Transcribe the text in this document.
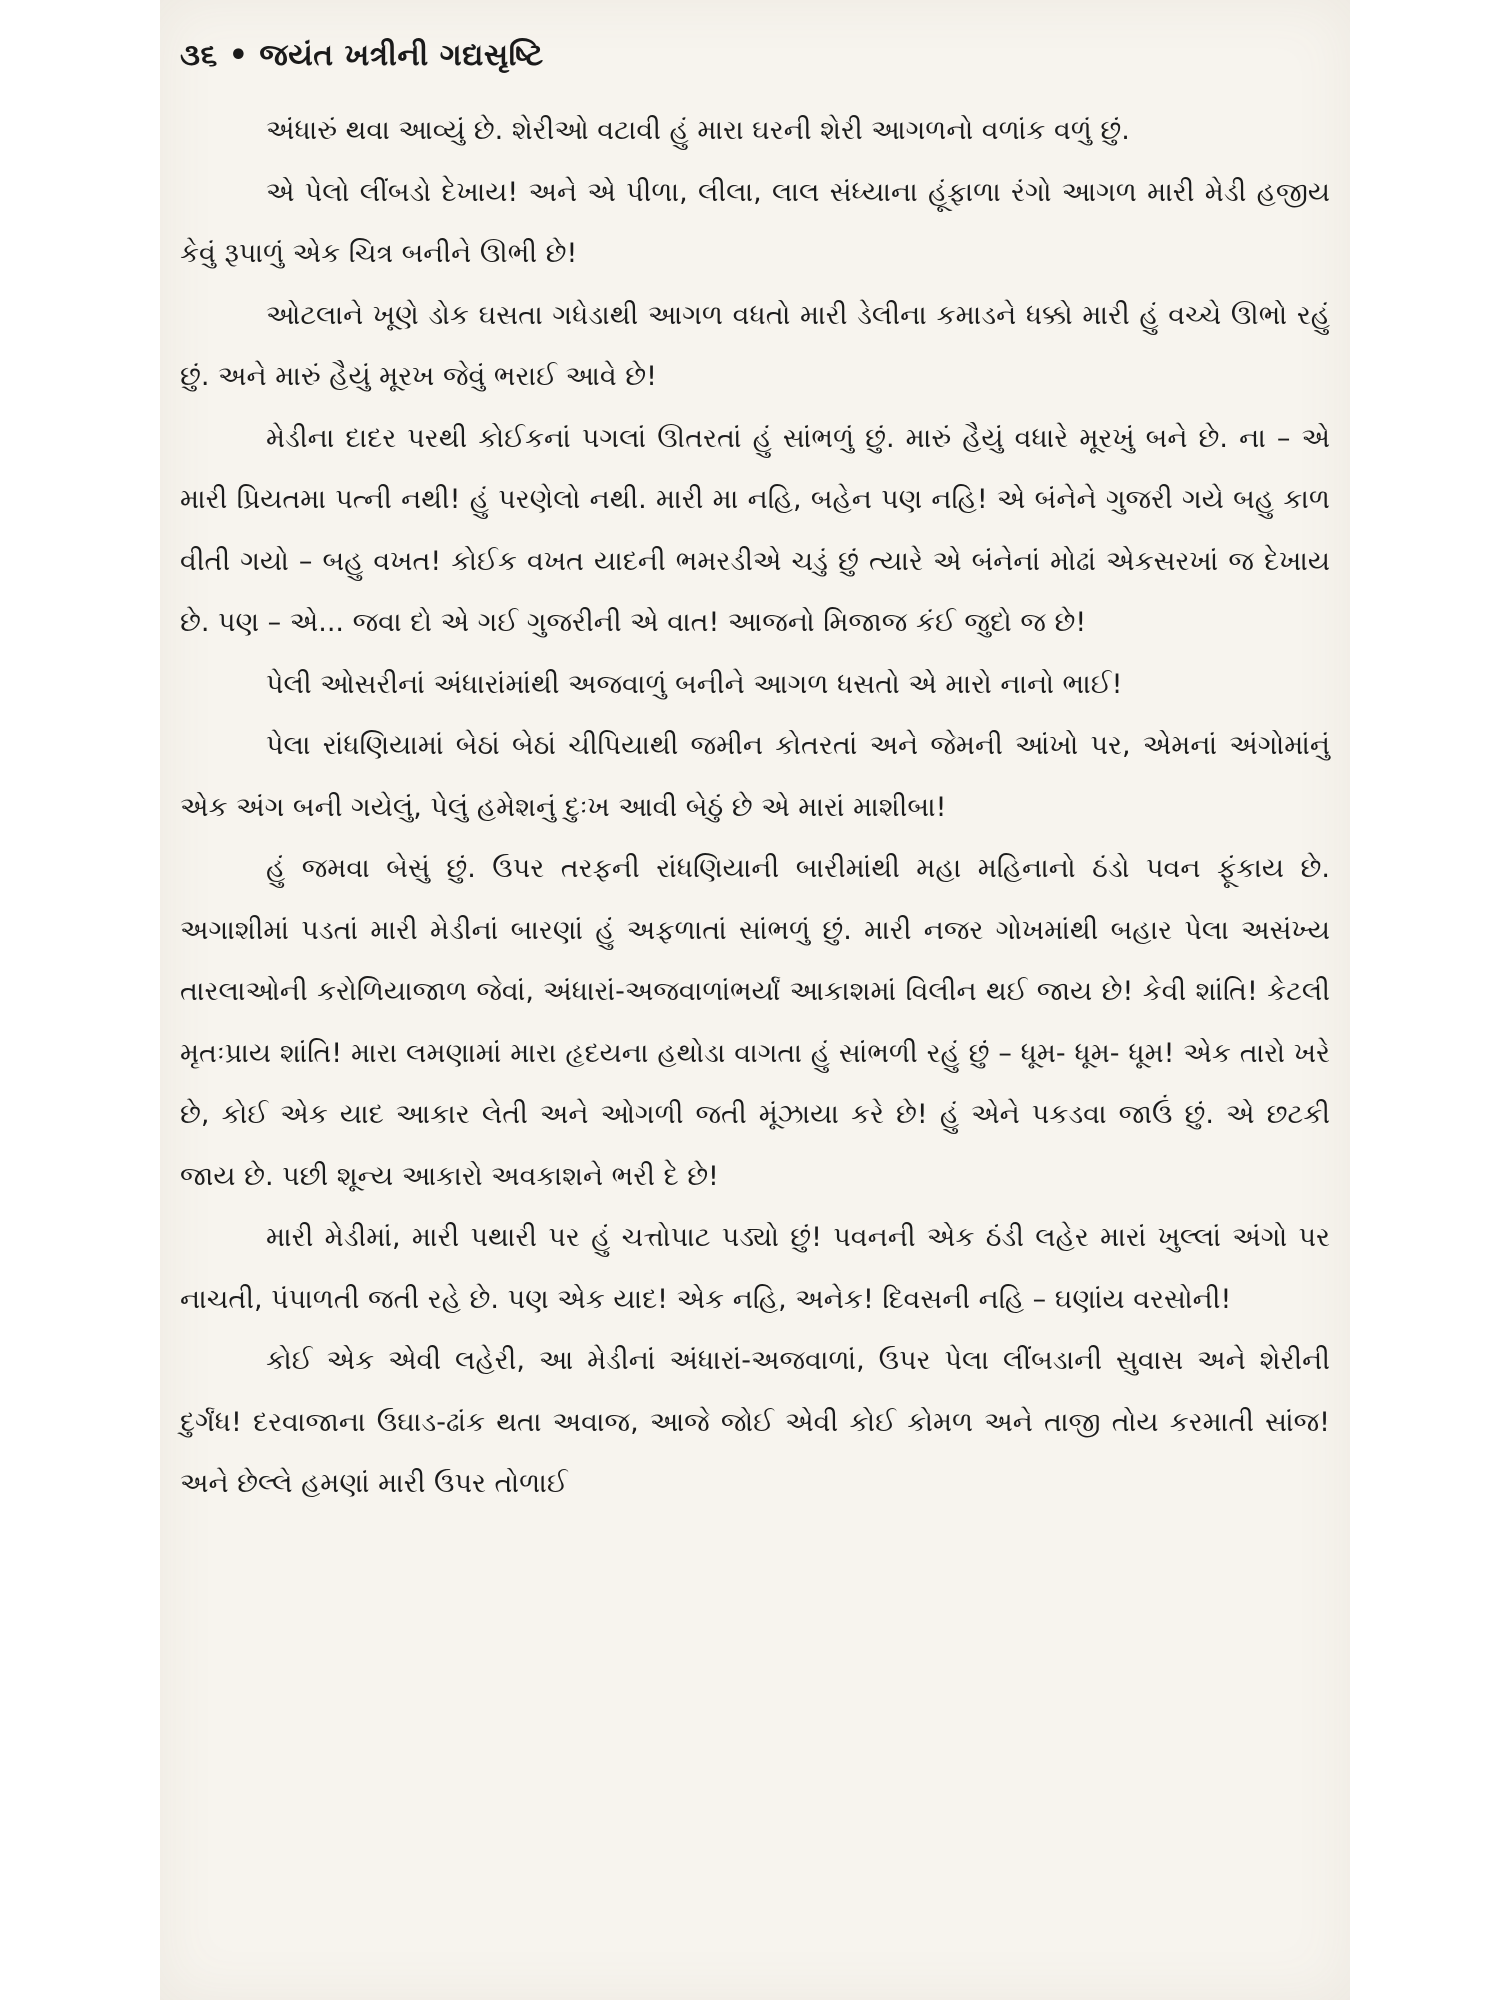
૩૬ • જયંત ખત્રીની ગદ્યસૃષ્ટિ

અંધારું થવા આવ્યું છે. શેરીઓ વટાવી હું મારા ઘરની શેરી આગળનો વળાંક વળું છું.

એ પેલો લીંબડો દેખાય! અને એ પીળા, લીલા, લાલ સંધ્યાના હૂંફાળા રંગો આગળ મારી મેડી હજીય કેવું રૂપાળું એક ચિત્ર બનીને ઊભી છે!

ઓટલાને ખૂણે ડોક ઘસતા ગધેડાથી આગળ વધતો મારી ડેલીના કમાડને ધક્કો મારી હું વચ્ચે ઊભો રહું છું. અને મારું હૈયું મૂરખ જેવું ભરાઈ આવે છે!

મેડીના દાદર પરથી કોઈકનાં પગલાં ઊતરતાં હું સાંભળું છું. મારું હૈયું વધારે મૂરખું બને છે. ના – એ મારી પ્રિયતમા પત્ની નથી! હું પરણેલો નથી. મારી મા નહિ, બહેન પણ નહિ! એ બંનેને ગુજરી ગયે બહુ કાળ વીતી ગયો – બહુ વખત! કોઈક વખત યાદની ભમરડીએ ચડું છું ત્યારે એ બંનેનાં મોઢાં એકસરખાં જ દેખાય છે. પણ – એ... જવા દો એ ગઈ ગુજરીની એ વાત! આજનો મિજાજ કંઈ જુદો જ છે!

પેલી ઓસરીનાં અંધારાંમાંથી અજવાળું બનીને આગળ ધસતો એ મારો નાનો ભાઈ!

પેલા રાંધણિયામાં બેઠાં બેઠાં ચીપિયાથી જમીન કોતરતાં અને જેમની આંખો પર, એમનાં અંગોમાંનું એક અંગ બની ગયેલું, પેલું હમેશનું દુઃખ આવી બેઠું છે એ મારાં માશીબા!

હું જમવા બેસું છું. ઉપર તરફની રાંધણિયાની બારીમાંથી મહા મહિનાનો ઠંડો પવન ફૂંકાય છે. અગાશીમાં પડતાં મારી મેડીનાં બારણાં હું અફળાતાં સાંભળું છું. મારી નજર ગોખમાંથી બહાર પેલા અસંખ્ય તારલાઓની કરોળિયાજાળ જેવાં, અંધારાં-અજવાળાંભર્યાં આકાશમાં વિલીન થઈ જાય છે! કેવી શાંતિ! કેટલી મૃતઃપ્રાય શાંતિ! મારા લમણામાં મારા હૃદયના હથોડા વાગતા હું સાંભળી રહું છું – ધૂમ- ધૂમ- ધૂમ! એક તારો ખરે છે, કોઈ એક યાદ આકાર લેતી અને ઓગળી જતી મૂંઝાયા કરે છે! હું એને પકડવા જાઉં છું. એ છટકી જાય છે. પછી શૂન્ય આકારો અવકાશને ભરી દે છે!

મારી મેડીમાં, મારી પથારી પર હું ચત્તોપાટ પડ્યો છું! પવનની એક ઠંડી લહેર મારાં ખુલ્લાં અંગો પર નાચતી, પંપાળતી જતી રહે છે. પણ એક યાદ! એક નહિ, અનેક! દિવસની નહિ – ઘણાંય વરસોની!

કોઈ એક એવી લહેરી, આ મેડીનાં અંધારાં-અજવાળાં, ઉપર પેલા લીંબડાની સુવાસ અને શેરીની દુર્ગંધ! દરવાજાના ઉઘાડ-ઢાંક થતા અવાજ, આજે જોઈ એવી કોઈ કોમળ અને તાજી તોય કરમાતી સાંજ! અને છેલ્લે હમણાં મારી ઉપર તોળાઈ
